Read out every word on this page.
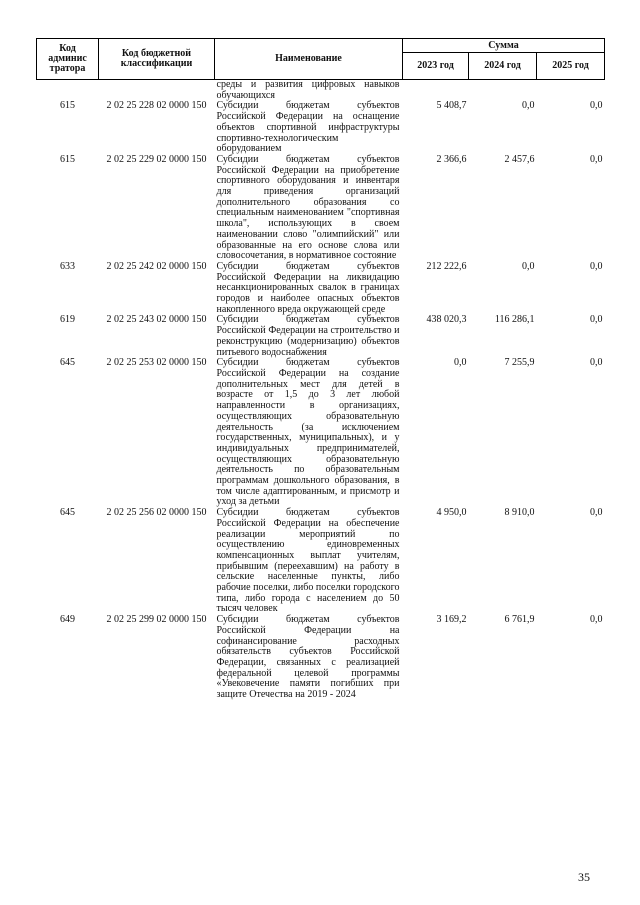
Код админис тратора	Код бюджетной классификации	Наименование	Сумма		
			2023 год	2024 год	2025 год
		среды и развития цифровых навыков обучающихся			
615	2 02 25 228 02 0000 150	Субсидии бюджетам субъектов Российской Федерации на оснащение объектов спортивной инфраструктуры спортивно-технологическим оборудованием	5 408,7	0,0	0,0
615	2 02 25 229 02 0000 150	Субсидии бюджетам субъектов Российской Федерации на приобретение спортивного оборудования и инвентаря для приведения организаций дополнительного образования со специальным наименованием "спортивная школа", использующих в своем наименовании слово "олимпийский" или образованные на его основе слова или словосочетания, в нормативное состояние	2 366,6	2 457,6	0,0
633	2 02 25 242 02 0000 150	Субсидии бюджетам субъектов Российской Федерации на ликвидацию несанкционированных свалок в границах городов и наиболее опасных объектов накопленного вреда окружающей среде	212 222,6	0,0	0,0
619	2 02 25 243 02 0000 150	Субсидии бюджетам субъектов Российской Федерации на строительство и реконструкцию (модернизацию) объектов питьевого водоснабжения	438 020,3	116 286,1	0,0
645	2 02 25 253 02 0000 150	Субсидии бюджетам субъектов Российской Федерации на создание дополнительных мест для детей в возрасте от 1,5 до 3 лет любой направленности в организациях, осуществляющих образовательную деятельность (за исключением государственных, муниципальных), и у индивидуальных предпринимателей, осуществляющих образовательную деятельность по образовательным программам дошкольного образования, в том числе адаптированным, и присмотр и уход за детьми	0,0	7 255,9	0,0
645	2 02 25 256 02 0000 150	Субсидии бюджетам субъектов Российской Федерации на обеспечение реализации мероприятий по осуществлению единовременных компенсационных выплат учителям, прибывшим (переехавшим) на работу в сельские населенные пункты, либо рабочие поселки, либо поселки городского типа, либо города с населением до 50 тысяч человек	4 950,0	8 910,0	0,0
649	2 02 25 299 02 0000 150	Субсидии бюджетам субъектов Российской Федерации на софинансирование расходных обязательств субъектов Российской Федерации, связанных с реализацией федеральной целевой программы «Увековечение памяти погибших при защите Отечества на 2019 - 2024	3 169,2	6 761,9	0,0
35
